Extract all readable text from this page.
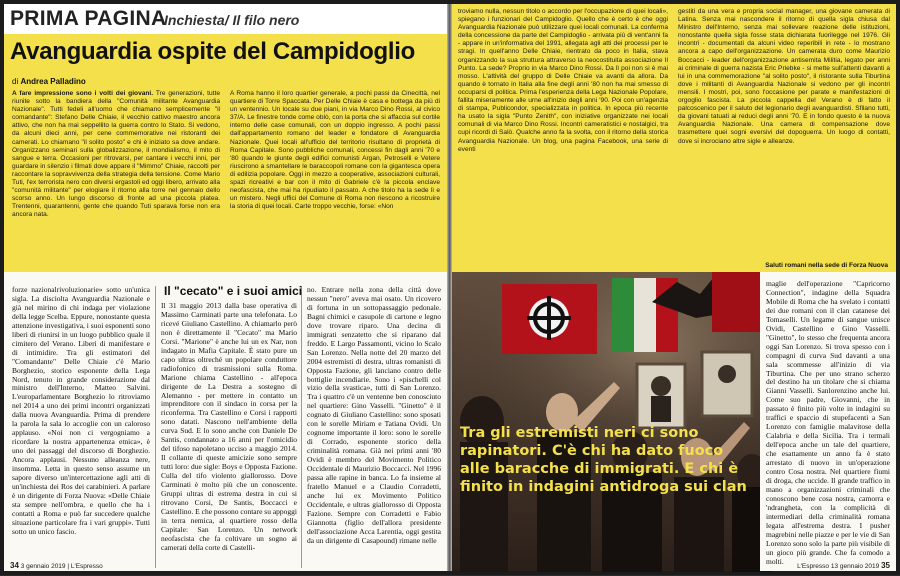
PRIMA PAGINA
Inchiesta/ Il filo nero
Avanguardia ospite del Campidoglio
di Andrea Palladino
A fare impressione sono i volti dei giovani. Tre generazioni, tutte riunite sotto la bandiera della "Comunità militante Avanguardia Nazionale". Tutti fedeli all'uomo che chiamano semplicemente "il comandante": Stefano Delle Chiaie, il vecchio cattivo maestro ancora attivo, che non ha mai seppellito la guerra contro lo Stato. Si vedono, da alcuni dieci anni, per cene commemorative nei ristoranti dei camerati. Lo chiamano "il solito posto" e chi è iniziato sa dove andare. Organizzano seminari sulla globalizzazione, il mondialismo, il mito di sangue e terra. Occasioni per ritrovarsi, per cantare i vecchi inni, per guardare in silenzio i filmati dove appare il "Mimmo" Chiaie, raccolti per raccontare la sopravvivenza della strategia della tensione. Come Mario Tuti, l'ex terrorista nero con diversi ergastoli ed oggi libero, arrivato alla "comunità militante" per elogiare il ritorno alla torre nel gennaio dello scorso anno. Un lungo discorso di fronte ad una piccola platea. Trentenni, quarantenni, gente che quando Tuti sparava forse non era ancora nata.
A Roma hanno il loro quartier generale, a pochi passi da Cinecittà, nel quartiere di Torre Spaccata. Per Delle Chiaie è casa e bottega da più di un ventennio. Un locale su due piani, in via Marco Dino Rossi, al civico 37/A. Le finestre tonde come oblò, con la porta che si affaccia sul cortile interno delle case comunali, con un doppio ingresso. A pochi passi dall'appartamento romano del leader e fondatore di Avanguardia Nazionale. Quei locali all'ufficio del territorio risultano di proprietà di Roma Capitale. Sono pubbliche comunali, concessi fin dagli anni '70 e '80 quando le giunte degli edifici comunisti Argan, Petroselli e Vetere riuscirono a smantellare le baraccopoli romane con la gigantesca opera di edilizia popolare. Oggi in mezzo a cooperative, associazioni culturali, spazi ricreativi e bar con il mito di Gabriele c'è la piccola enclave neofascista, che mai ha ripudiato il passato. A che titolo ha la sede lì e un mistero. Negli uffici del Comune di Roma non riescono a ricostruire la storia di quei locali. Carte troppo vecchie, forse: «Non
forze nazionalrivoluzionarie» sotto un'unica sigla. La discioltа Avanguardia Nazionale e già nel mirino di chi indaga per violazione della legge Scelba. Eppure, nonostante questa attenzione investigativa, i suoi esponenti sono liberi di riunirsi in un luogo pubblico quale il cimitero del Verano. Liberi di manifestare e di intimidire. Tra gli estimatori del "Comandante" Delle Chiaie c'è Mario Borghezio, storico esponente della Lega Nord, tenuto in grande considerazione dal ministro dell'Interno, Matteo Salvini. L'europarlamentare Borghezio lo ritroviamo nel 2014 a uno dei primi incontri organizzati dalla nuova Avanguardia. Prima di prendere la parola la sala lo accoglie con un caloroso applauso. «Noi non ci vergogniamo a ricordare la nostra appartenenza etnica», è uno dei passaggi del discorso di Borghezio. Ancora applausi. Nessuno alleanza nere, insomma. Letta in questo senso assume un sapore diverso un'intercettazione agli atti di un'inchiesta dei Ros dei carabinieri. A parlare è un dirigente di Forza Nuova: «Delle Chiaie sta sempre nell'ombra, e quello che ha i contatti a Roma e può far succedere qualche situazione particolare fra i vari gruppi». Tutti sotto un unico fascio.
Il "cecato" e i suoi amici
Il 31 maggio 2013 dalla base operativa di Massimo Carminati parte una telefonata. Lo ricevé Giuliano Castellino. A chiamarlo però non è direttamente il "Cecato" ma Mario Corsi. "Marione" è anche lui un ex Nar, non indagato in Mafia Capitale. È stato pure un capo ultras oltreché un popolare conduttore radiofonico di trasmissioni sulla Roma. Marione chiama Castellino - all'epoca dirigente de La Destra a sostegno di Alemanno - per mettere in contatto un imprenditore con il sindaco in corsa per la riconferma. Tra Castellino e Corsi i rapporti sono datati. Nascono nell'ambiente della curva Sud. E lo sono anche con Daniele De Santis, condannato a 16 anni per l'omicidio del tifoso napoletano ucciso a maggio 2014. Il collante di queste amicizie sono sempre tutti loro: due sigle: Boys e Opposta Fazione. Culla del tifo violento giallorosso. Dove Carminati è molto più che un conoscente. Gruppi ultras di estrema destra in cui si ritrovano Corsi, De Santis, Boccacci e Castellino. E che possono contare su appoggi in terra nemica, al quartiere rosso della Capitale: San Lorenzo. Un network neofascista che fa coltivare un sogno ai camerati della corte di Castelli-
no. Entrare nella zona della città dove nessun "nero" aveva mai osato. Un ricovero di fortuna in un sottopassaggio pedonale. Bagni chimici e casupole di cartone e legno dove trovare riparo. Una decina di immigrati senzatetto che si riparano dal freddo. E Largo Passamonti, vicino lo Scalo San Lorenzo. Nella notte del 20 marzo del 2004 estremisti di destra, ultras romanisti di Opposta Fazione, gli lanciano contro delle bottiglie incendiarie. Sono i «pischelli col vizio della svastica», tutti di San Lorenzo. Tra i quattro c'è un ventenne ben conosciuto nel quartiere: Gino Vasselli. "Ginetto" è il cognato di Giuliano Castellino: sono sposati con le sorelle Miriam e Tatiana Ovidi. Un cognome importante il loro: sono le sorelle di Corrado, esponente storico della criminalità romana. Già nei primi anni '80 Ovidi è membro del Movimento Politico Occidentale di Maurizio Boccacci. Nel 1996 passa alle rapine in banca. Lo fa insieme al fratello Manuel e a Claudio Corradetti, anche lui ex Movimento Politico Occidentale, e ultras giallorosso di Opposta Fazione. Sempre con Corradetti e Fabio Giannotta (figlio dell'allora presidente dell'associazione Acca Larentia, oggi gestita da un dirigente di Casapound) rimane nelle
34 3 gennaio 2019 | L'Espresso
troviamo nulla, nessun titolo o accordo per l'occupazione di quei locali», spiegano i funzionari del Campidoglio. Quello che è certo è che oggi Avanguardia Nazionale può utilizzare quei locali comunali. La conferma della concessione da parte del Campidoglio - arrivata più di vent'anni fa - appare in un'informativa del 1991, allegata agli atti dei processi per le stragi. In quell'anno Delle Chiaie, rientrato da poco in Italia, stava organizzando la sua struttura attraverso la neocostituita associazione Il Punto. La sede? Proprio in via Marco Dino Rossi. Da lì poi non si è mai mosso. L'attività del gruppo di Delle Chiaie va avanti da allora. Da quando è tornato in Italia alla fine degli anni '80 non ha mai smesso di occuparsi di politica. Prima l'esperienza della Lega Nazionale Popolare, fallita miseramente alle urne all'inizio degli anni '90. Poi con un'agenzia di stampa, Publicondor, specializzata in politica. In epoca più recente ha usato la sigla "Punto Zenith", con iniziative organizzate nei locali comunali di via Marco Dino Rossi. Incontri cameratistici e nostalgici, tra cupi ricordi di Salò. Qualche anno fa la svolta, con il ritorno della storica Avanguardia Nazionale. Un blog, una pagina Facebook, una serie di eventi
gestiti da una vera e propria social manager, una giovane camerata di Latina. Senza mai nascondere il ritorno di quella sigla chiusa dal Ministro dell'Interno, senza mai sollevare reazione delle istituzioni, nonostante quella sigla fosse stata dichiarata fuorilegge nel 1976. Gli incontri - documentati da alcuni video reperibili in rete - lo mostrano ancora a capo dell'organizzazione. Un camerata duro come Maurizio Boccacci - leader dell'organizzazione antisemita Militia, legato per anni ai criminale di guerra nazista Eric Priebke - si mette sull'attenti davanti a lui in una commemorazione "al solito posto", il ristorante sulla Tiburtina dove i militanti di Avanguardia Nazionale si vedono per gli incontri mensili. I mostri, poi, sono l'occasione per parate e manifestazioni di orgoglio fascista. La piccola cappella del Verano è di fatto il palcoscenico per il saluto del legionario degli avanguardisti. Sfilano tutti, da giovani tatuati ai reduci degli anni '70. E in fondo questo è la nuova Avanguardia Nazionale. Una camera di compensazione dove trasmettere quei sogni eversivi del dopoguerra. Un luogo di contatti, dove si incrociano altre sigle e alleanze.
Saluti romani nella sede di Forza Nuova
Tra gli estremisti neri ci sono rapinatori. C'è chi ha dato fuoco alle baracche di immigrati. E chi è finito in indagini antidroga sui clan
maglie dell'operazione "Capricorno Connection", indagine della Squadra Mobile di Roma che ha svelato i contatti dei due romani con il clan catanese dei Tomaselli. Un legame di sangue unisce Ovidi, Castellino e Gino Vasselli. "Ginetto", lo stesso che frequenta ancora oggi San Lorenzo. Si trova spesso con i compagni di curva Sud davanti a una sala scommesse all'inizio di via Tiburtina. Che per uno strano scherzo del destino ha un titolare che si chiama Gianni Vasselli. Sanlorenzino anche lui. Come suo padre, Giovanni, che in passato è finito più volte in indagini su traffici e spaccio di stupefacenti a San Lorenzo con famiglie malavitose della Calabria e della Sicilia. Tra i termali dell'epoca anche un tale del quartiere, che esattamente un anno fa è stato arrestato di nuovo in un'operazione contro Cosa nostra. Nel quartiere fiumi di droga, che uccide. Il grande traffico in mano a organizzazioni criminali che conoscono bene cosa nostra, camorra e 'ndrangheta, con la complicità di intermediari della criminalità romana legata all'estrema destra. I pusher magrebini nelle piazze e per le vie di San Lorenzo sono solo la parte più visibile di un gioco più grande. Che fa comodo a molti.
L'Espresso 13 gennaio 2019 35
